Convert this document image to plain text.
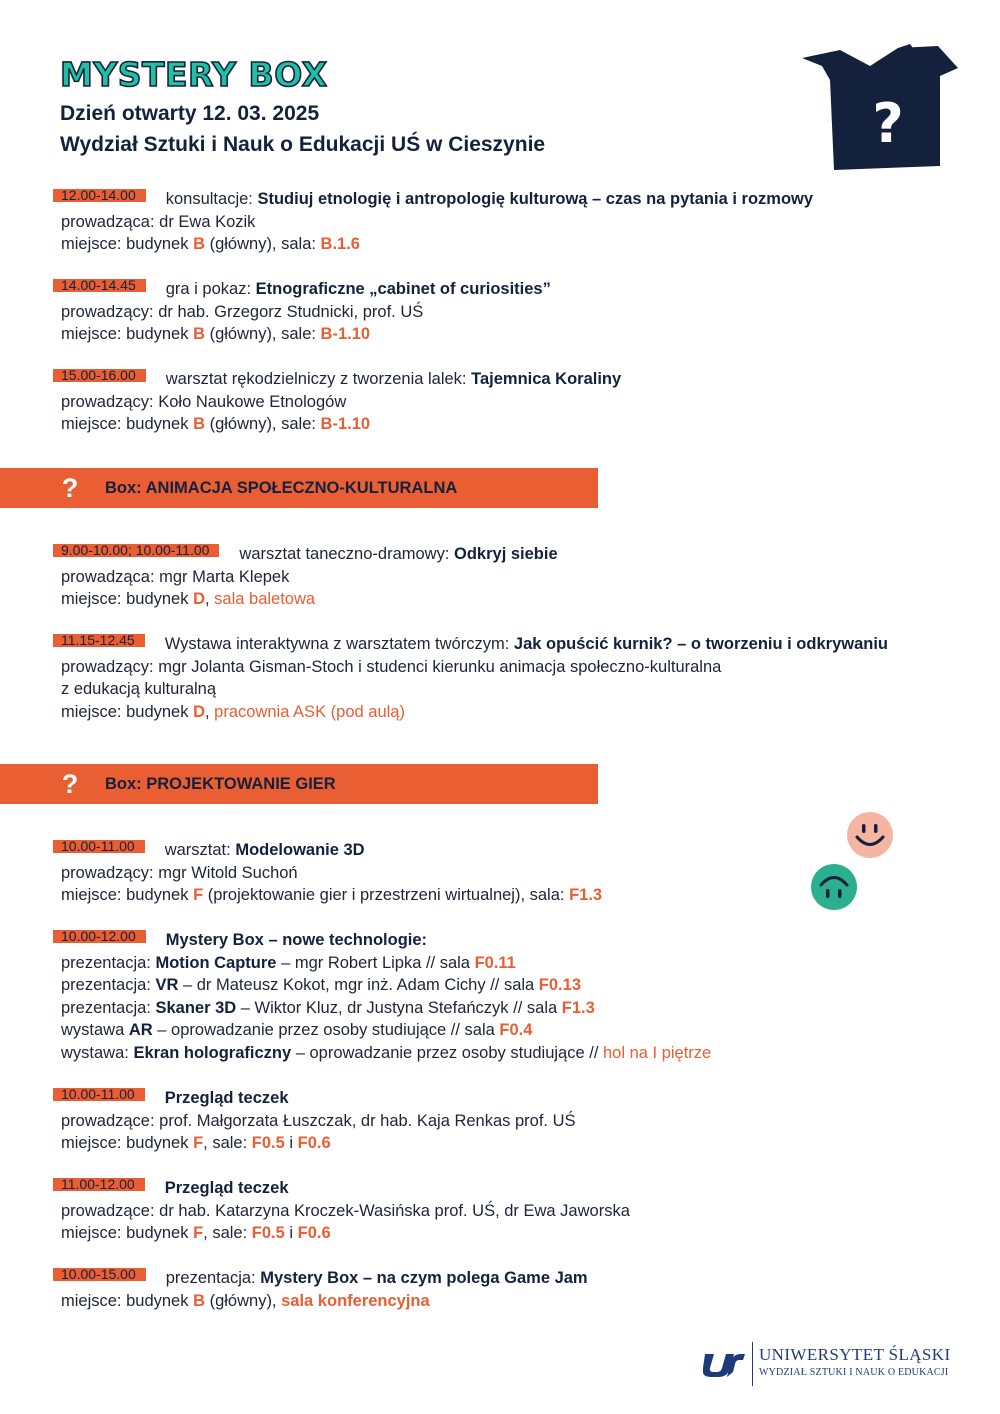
MYSTERY BOX
Dzień otwarty 12. 03. 2025
Wydział Sztuki i Nauk o Edukacji UŚ w Cieszynie	?
12.00-14.00	konsultacje:
Studiuj etnologię i antropologię kulturową – czas na pytania i rozmowy
prowadząca: dr Ewa Kozik
miejsce: budynek B (główny), sala: B.1.6
14.00-14.45	gra i pokaz:
Etnograficzne „cabinet of curiosities”
prowadzący: dr hab. Grzegorz Studnicki, prof. UŚ
miejsce: budynek B (główny), sale: B-1.10
15.00-16.00	warsztat rękodzielniczy z tworzenia lalek:
Tajemnica Koraliny
prowadzący: Koło Naukowe Etnologów
miejsce: budynek B (główny), sale: B-1.10
? Box: ANIMACJA SPOŁECZNO-KULTURALNA
9.00-10.00; 10.00-11.00	warsztat taneczno-dramowy:
Odkryj siebie
prowadząca: mgr Marta Klepek
miejsce: budynek D, sala baletowa
11.15-12.45	Wystawa interaktywna z warsztatem twórczym:
Jak opuścić kurnik? – o tworzeniu i odkrywaniu
prowadzący: mgr Jolanta Gisman-Stoch i studenci kierunku animacja społeczno-kulturalna
z edukacją kulturalną
miejsce: budynek D, pracownia ASK (pod aulą)
? Box: PROJEKTOWANIE GIER
10.00-11.00	warsztat:
Modelowanie 3D
prowadzący: mgr Witold Suchoń
miejsce: budynek F (projektowanie gier i przestrzeni wirtualnej), sala: F1.3
10.00-12.00	Mystery Box – nowe technologie:
prezentacja: Motion Capture – mgr Robert Lipka // sala F0.11
prezentacja: VR – dr Mateusz Kokot, mgr inż. Adam Cichy // sala F0.13
prezentacja: Skaner 3D – Wiktor Kluz, dr Justyna Stefańczyk // sala F1.3
wystawa AR – oprowadzanie przez osoby studiujące // sala F0.4
wystawa: Ekran holograficzny – oprowadzanie przez osoby studiujące // hol na I piętrze
10.00-11.00	Przegląd teczek
prowadzące: prof. Małgorzata Łuszczak, dr hab. Kaja Renkas prof. UŚ
miejsce: budynek F, sale: F0.5 i F0.6
11.00-12.00	Przegląd teczek
prowadzące: dr hab. Katarzyna Kroczek-Wasińska prof. UŚ, dr Ewa Jaworska
miejsce: budynek F, sale: F0.5 i F0.6
10.00-15.00	prezentacja:
Mystery Box – na czym polega Game Jam
miejsce: budynek B (główny), sala konferencyjna
UNIWERSYTET ŚLĄSKI
WYDZIAŁ SZTUKI I NAUK O EDUKACJI
